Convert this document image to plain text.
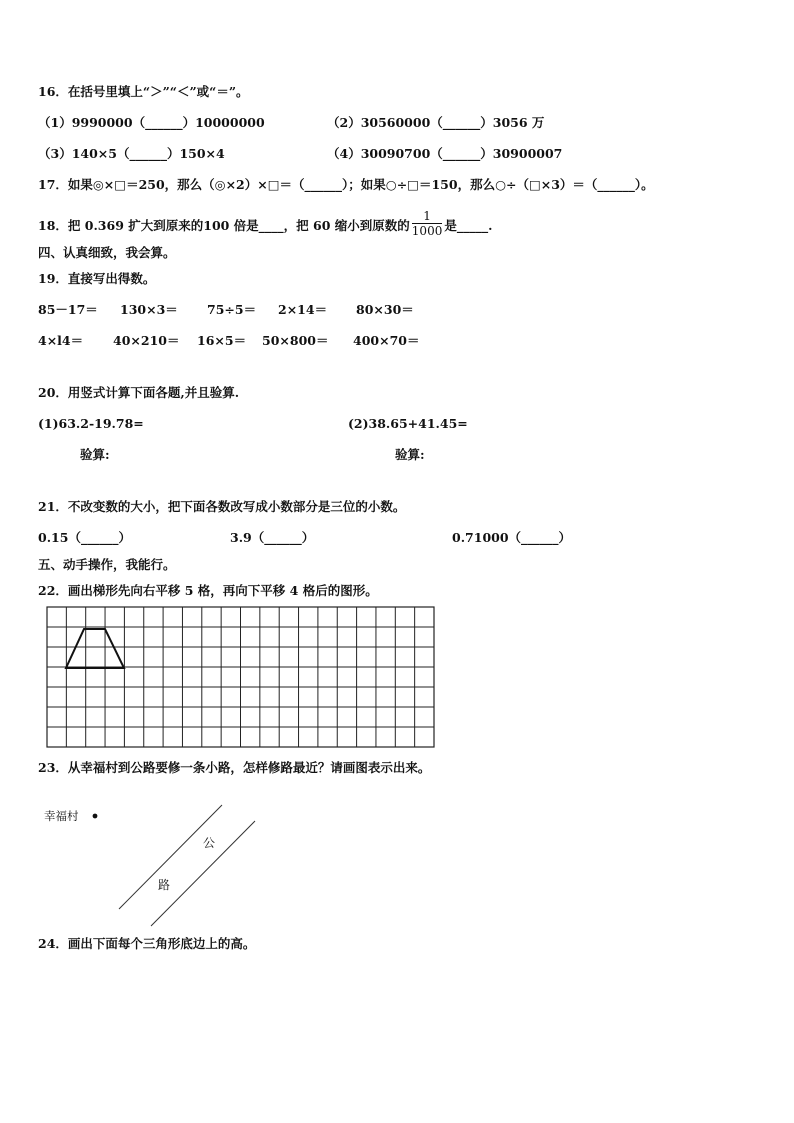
16．在括号里填上“＞”“＜”或“＝”。
（1）9990000（______）10000000	（2）30560000（______）3056 万
（3）140×5（______）150×4	（4）30090700（______）30900007
17．如果◎×□＝250，那么（◎×2）×□＝（______）；如果○÷□＝150，那么○÷（□×3）＝（______）。
18．把 0.369 扩大到原来的100 倍是____，把 60 缩小到原数的 $\frac{1}{1000}$ 是_____.
四、认真细致，我会算。
19．直接写出得数。
85－17＝ 130×3＝ 75÷5＝ 2×14＝ 80×30＝
4×l4＝ 40×210＝ 16×5＝ 50×800＝ 400×70＝
20．用竖式计算下面各题,并且验算.
(1)63.2-19.78=	(2)38.65+41.45=
验算:	验算:
21．不改变数的大小，把下面各数改写成小数部分是三位的小数。
0.15（______）	3.9（______）	0.71000（______）
五、动手操作，我能行。
22．画出梯形先向右平移 5 格，再向下平移 4 格后的图形。
23．从幸福村到公路要修一条小路，怎样修路最近？请画图表示出来。
幸福村
公
路
24．画出下面每个三角形底边上的高。
